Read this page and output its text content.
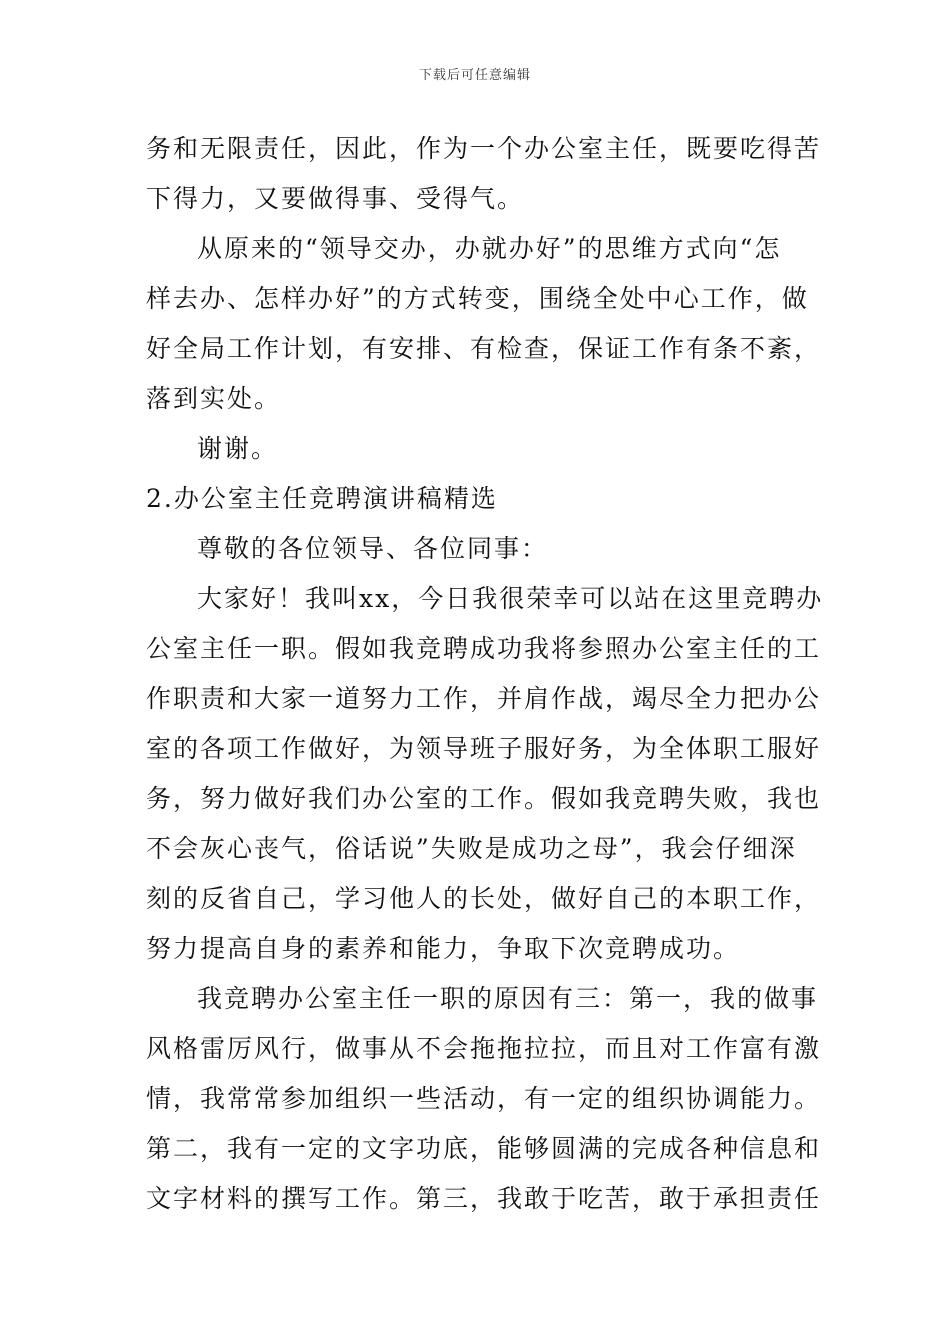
下载后可任意编辑
务和无限责任，因此，作为一个办公室主任，既要吃得苦
下得力，又要做得事、受得气。
从原来的“领导交办，办就办好”的思维方式向“怎
样去办、怎样办好”的方式转变，围绕全处中心工作，做
好全局工作计划，有安排、有检查，保证工作有条不紊，
落到实处。
谢谢。
2.办公室主任竞聘演讲稿精选
尊敬的各位领导、各位同事：
大家好！我叫xx，今日我很荣幸可以站在这里竞聘办
公室主任一职。假如我竞聘成功我将参照办公室主任的工
作职责和大家一道努力工作，并肩作战，竭尽全力把办公
室的各项工作做好，为领导班子服好务，为全体职工服好
务，努力做好我们办公室的工作。假如我竞聘失败，我也
不会灰心丧气，俗话说”失败是成功之母”，我会仔细深
刻的反省自己，学习他人的长处，做好自己的本职工作，
努力提高自身的素养和能力，争取下次竞聘成功。
我竞聘办公室主任一职的原因有三：第一，我的做事
风格雷厉风行，做事从不会拖拖拉拉，而且对工作富有激
情，我常常参加组织一些活动，有一定的组织协调能力。
第二，我有一定的文字功底，能够圆满的完成各种信息和
文字材料的撰写工作。第三，我敢于吃苦，敢于承担责任
